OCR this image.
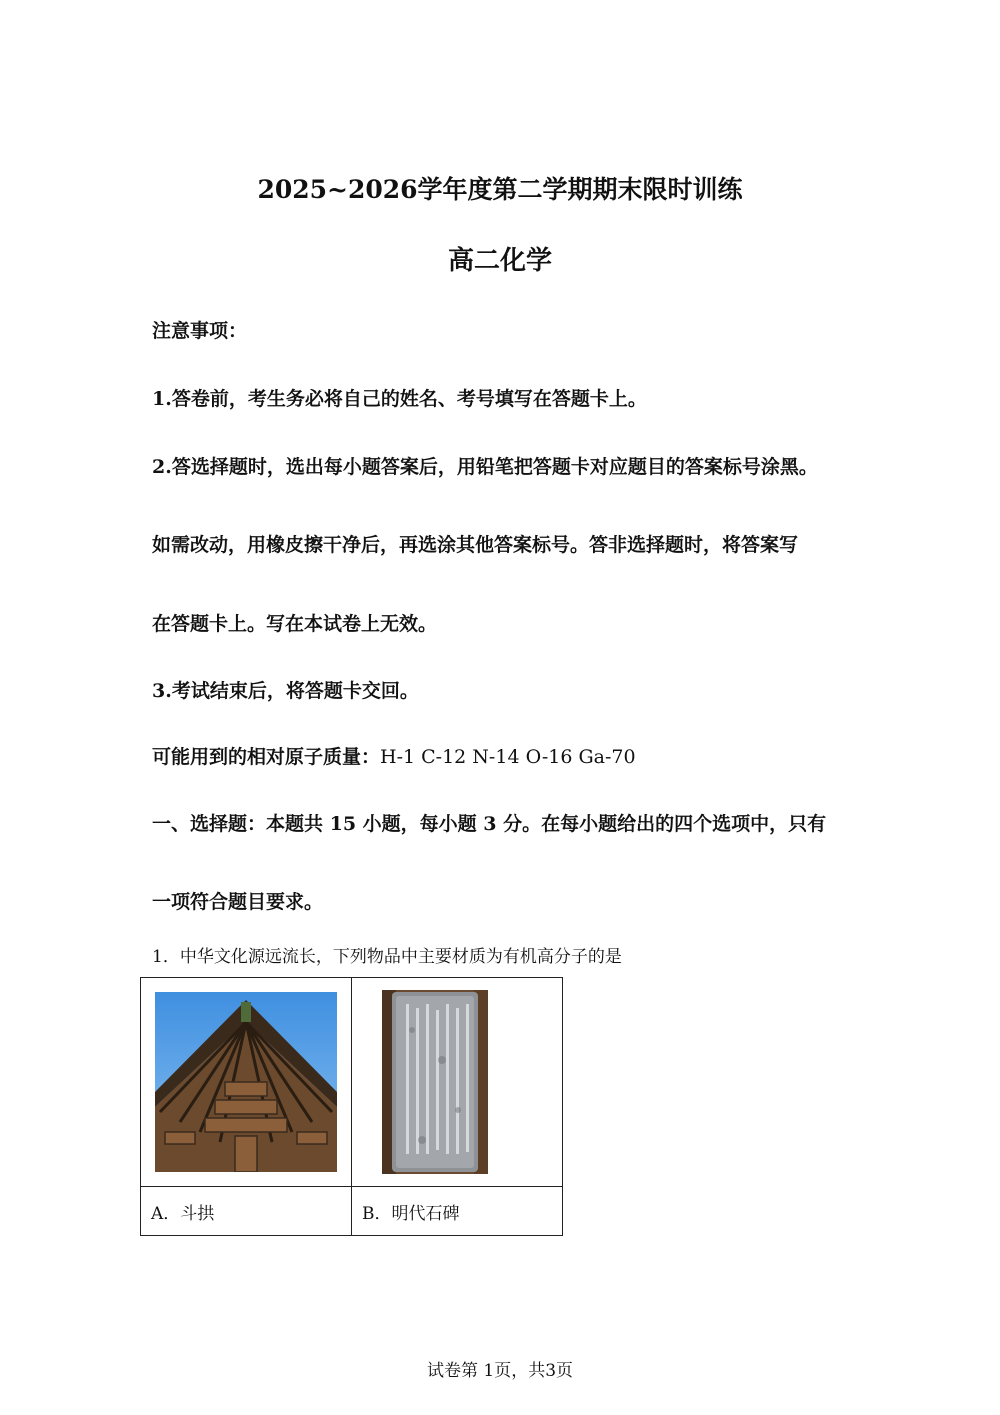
2025~2026学年度第二学期期末限时训练
高二化学
注意事项：
1.答卷前，考生务必将自己的姓名、考号填写在答题卡上。
2.答选择题时，选出每小题答案后，用铅笔把答题卡对应题目的答案标号涂黑。
如需改动，用橡皮擦干净后，再选涂其他答案标号。答非选择题时，将答案写
在答题卡上。写在本试卷上无效。
3.考试结束后，将答题卡交回。
可能用到的相对原子质量：H-1 C-12 N-14 O-16 Ga-70
一、选择题：本题共 15 小题，每小题 3 分。在每小题给出的四个选项中，只有
一项符合题目要求。
1．中华文化源远流长，下列物品中主要材质为有机高分子的是

A．斗拱	B．明代石碑
试卷第 1页，共3页
